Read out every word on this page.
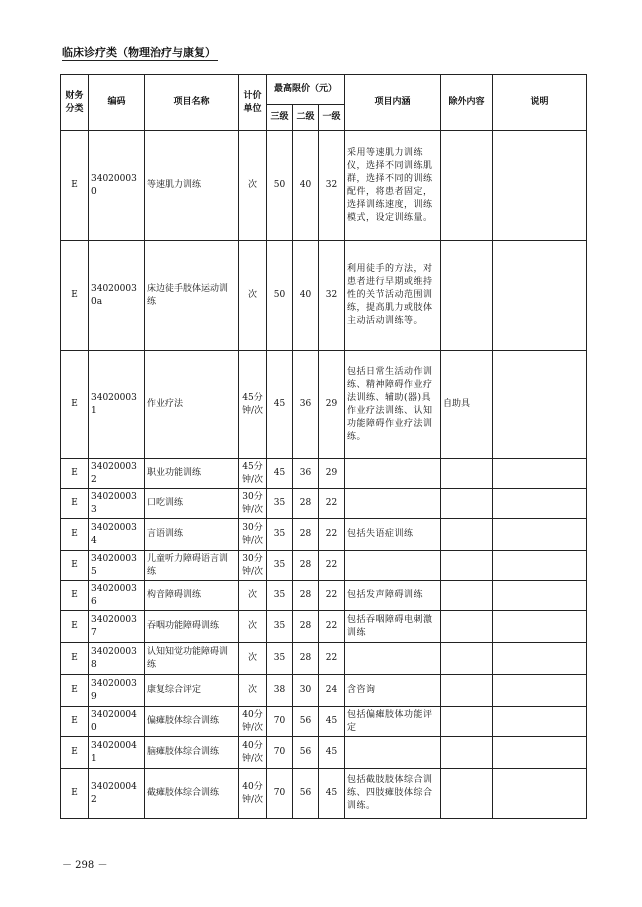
临床诊疗类（物理治疗与康复）
财务分类	编码	项目名称	计价单位	最高限价（元）			项目内涵	除外内容	说明
				三级	二级	一级			
E	340200030	等速肌力训练	次	50	40	32	采用等速肌力训练仪，选择不同训练肌群，选择不同的训练配件，将患者固定，选择训练速度，训练模式，设定训练量。		
E	340200030a	床边徒手肢体运动训练	次	50	40	32	利用徒手的方法，对患者进行早期或维持性的关节活动范围训练，提高肌力或肢体主动活动训练等。		
E	340200031	作业疗法	45分钟/次	45	36	29	包括日常生活动作训练、精神障碍作业疗法训练、辅助(器)具作业疗法训练、认知功能障碍作业疗法训练。	自助具	
E	340200032	职业功能训练	45分钟/次	45	36	29			
E	340200033	口吃训练	30分钟/次	35	28	22			
E	340200034	言语训练	30分钟/次	35	28	22	包括失语症训练		
E	340200035	儿童听力障碍语言训练	30分钟/次	35	28	22			
E	340200036	构音障碍训练	次	35	28	22	包括发声障碍训练		
E	340200037	吞咽功能障碍训练	次	35	28	22	包括吞咽障碍电刺激训练		
E	340200038	认知知觉功能障碍训练	次	35	28	22			
E	340200039	康复综合评定	次	38	30	24	含咨询		
E	340200040	偏瘫肢体综合训练	40分钟/次	70	56	45	包括偏瘫肢体功能评定		
E	340200041	脑瘫肢体综合训练	40分钟/次	70	56	45			
E	340200042	截瘫肢体综合训练	40分钟/次	70	56	45	包括截肢肢体综合训练、四肢瘫肢体综合训练。		
－ 298 －
